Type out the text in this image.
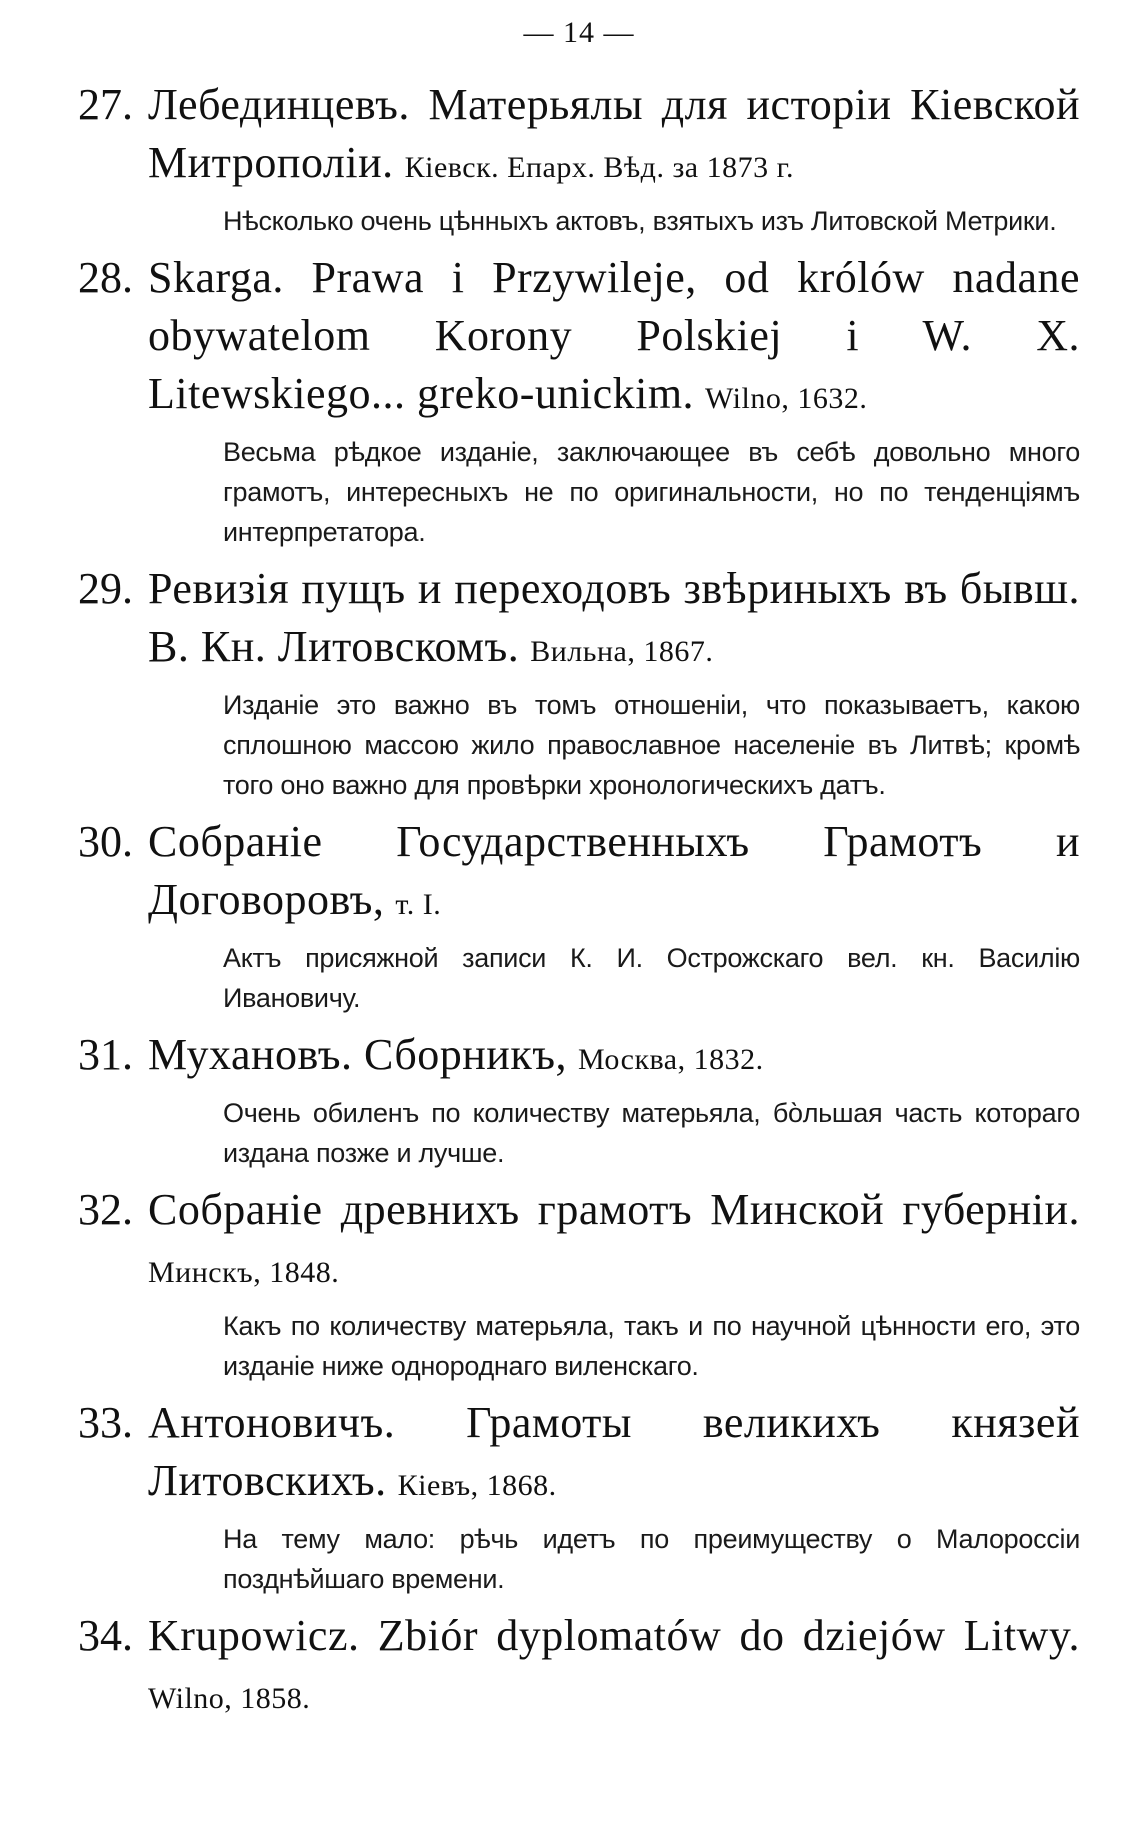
— 14 —
27. Лебединцевъ. Матерьялы для исторіи Кіевской Митрополіи. Кіевск. Епарх. Вѣд. за 1873 г.

Нѣсколько очень цѣнныхъ актовъ, взятыхъ изъ Литовской Метрики.

28. Skarga. Prawa i Przywileje, od królów nadane obywatelom Korony Polskiej i W. X. Litewskiego... greko-unickim. Wilno, 1632.

Весьма рѣдкое изданіе, заключающее въ себѣ довольно много грамотъ, интересныхъ не по оригинальности, но по тенденціямъ интерпретатора.

29. Ревизія пущъ и переходовъ звѣриныхъ въ бывш. В. Кн. Литовскомъ. Вильна, 1867.

Изданіе это важно въ томъ отношеніи, что показываетъ, какою сплошною массою жило православное населеніе въ Литвѣ; кромѣ того оно важно для провѣрки хронологическихъ датъ.

30. Собраніе Государственныхъ Грамотъ и Договоровъ, т. I.

Актъ присяжной записи К. И. Острожскаго вел. кн. Василію Ивановичу.

31. Мухановъ. Сборникъ, Москва, 1832.

Очень обиленъ по количеству матерьяла, бо̀льшая часть котораго издана позже и лучше.

32. Собраніе древнихъ грамотъ Минской губерніи. Минскъ, 1848.

Какъ по количеству матерьяла, такъ и по научной цѣнности его, это изданіе ниже однороднаго виленскаго.

33. Антоновичъ. Грамоты великихъ князей Литовскихъ. Кіевъ, 1868.

На тему мало: рѣчь идетъ по преимуществу о Малороссіи позднѣйшаго времени.

34. Krupowicz. Zbiór dyplomatów do dziejów Litwy. Wilno, 1858.
